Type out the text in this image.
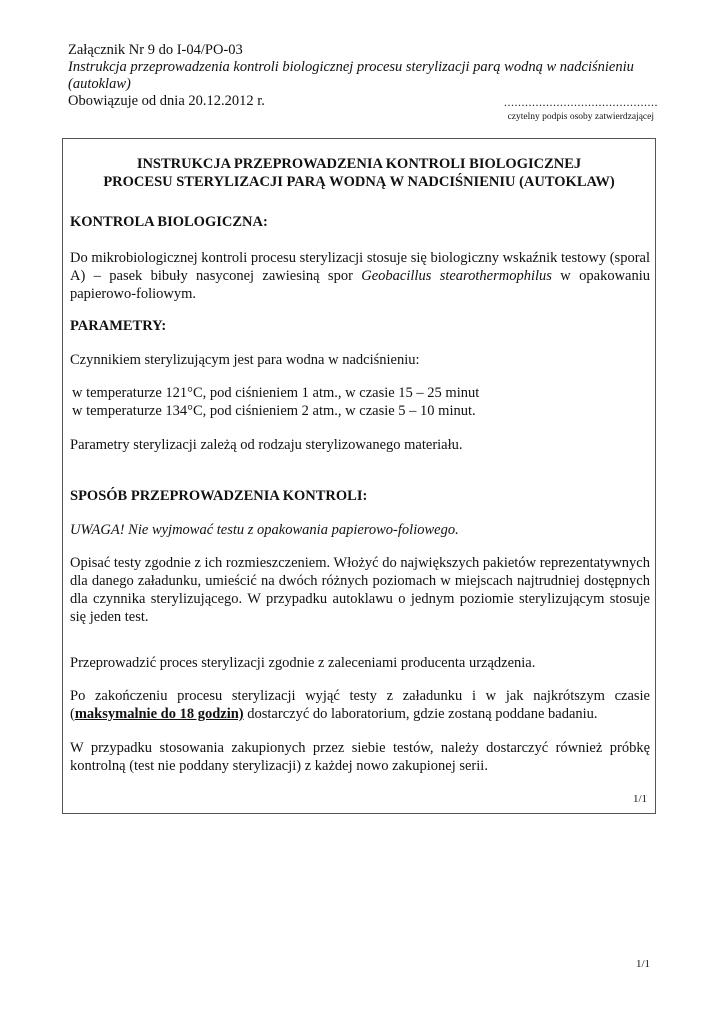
Załącznik Nr 9 do I-04/PO-03

Instrukcja przeprowadzenia kontroli biologicznej procesu sterylizacji parą wodną w nadciśnieniu

(autoklaw)

Obowiązuje od dnia 20.12.2012 r.	............................................
czytelny podpis osoby zatwierdzającej
INSTRUKCJA PRZEPROWADZENIA KONTROLI BIOLOGICZNEJ
PROCESU STERYLIZACJI PARĄ WODNĄ W NADCIŚNIENIU (AUTOKLAW)

KONTROLA BIOLOGICZNA:

Do mikrobiologicznej kontroli procesu sterylizacji stosuje się biologiczny wskaźnik testowy (sporal A) – pasek bibuły nasyconej zawiesiną spor Geobacillus stearothermophilus w opakowaniu papierowo-foliowym.

PARAMETRY:

Czynnikiem sterylizującym jest para wodna w nadciśnieniu:

w temperaturze 121°C, pod ciśnieniem 1 atm., w czasie 15 – 25 minut

w temperaturze 134°C, pod ciśnieniem 2 atm., w czasie 5 – 10 minut.

Parametry sterylizacji zależą od rodzaju sterylizowanego materiału.

SPOSÓB PRZEPROWADZENIA KONTROLI:

UWAGA! Nie wyjmować testu z opakowania papierowo-foliowego.

Opisać testy zgodnie z ich rozmieszczeniem. Włożyć do największych pakietów reprezentatywnych dla danego załadunku, umieścić na dwóch różnych poziomach w miejscach najtrudniej dostępnych dla czynnika sterylizującego. W przypadku autoklawu o jednym poziomie sterylizującym stosuje się jeden test.

Przeprowadzić proces sterylizacji zgodnie z zaleceniami producenta urządzenia.

Po zakończeniu procesu sterylizacji wyjąć testy z załadunku i w jak najkrótszym czasie (maksymalnie do 18 godzin) dostarczyć do laboratorium, gdzie zostaną poddane badaniu.

W przypadku stosowania zakupionych przez siebie testów, należy dostarczyć również próbkę kontrolną (test nie poddany sterylizacji) z każdej nowo zakupionej serii.

1/1
1/1
